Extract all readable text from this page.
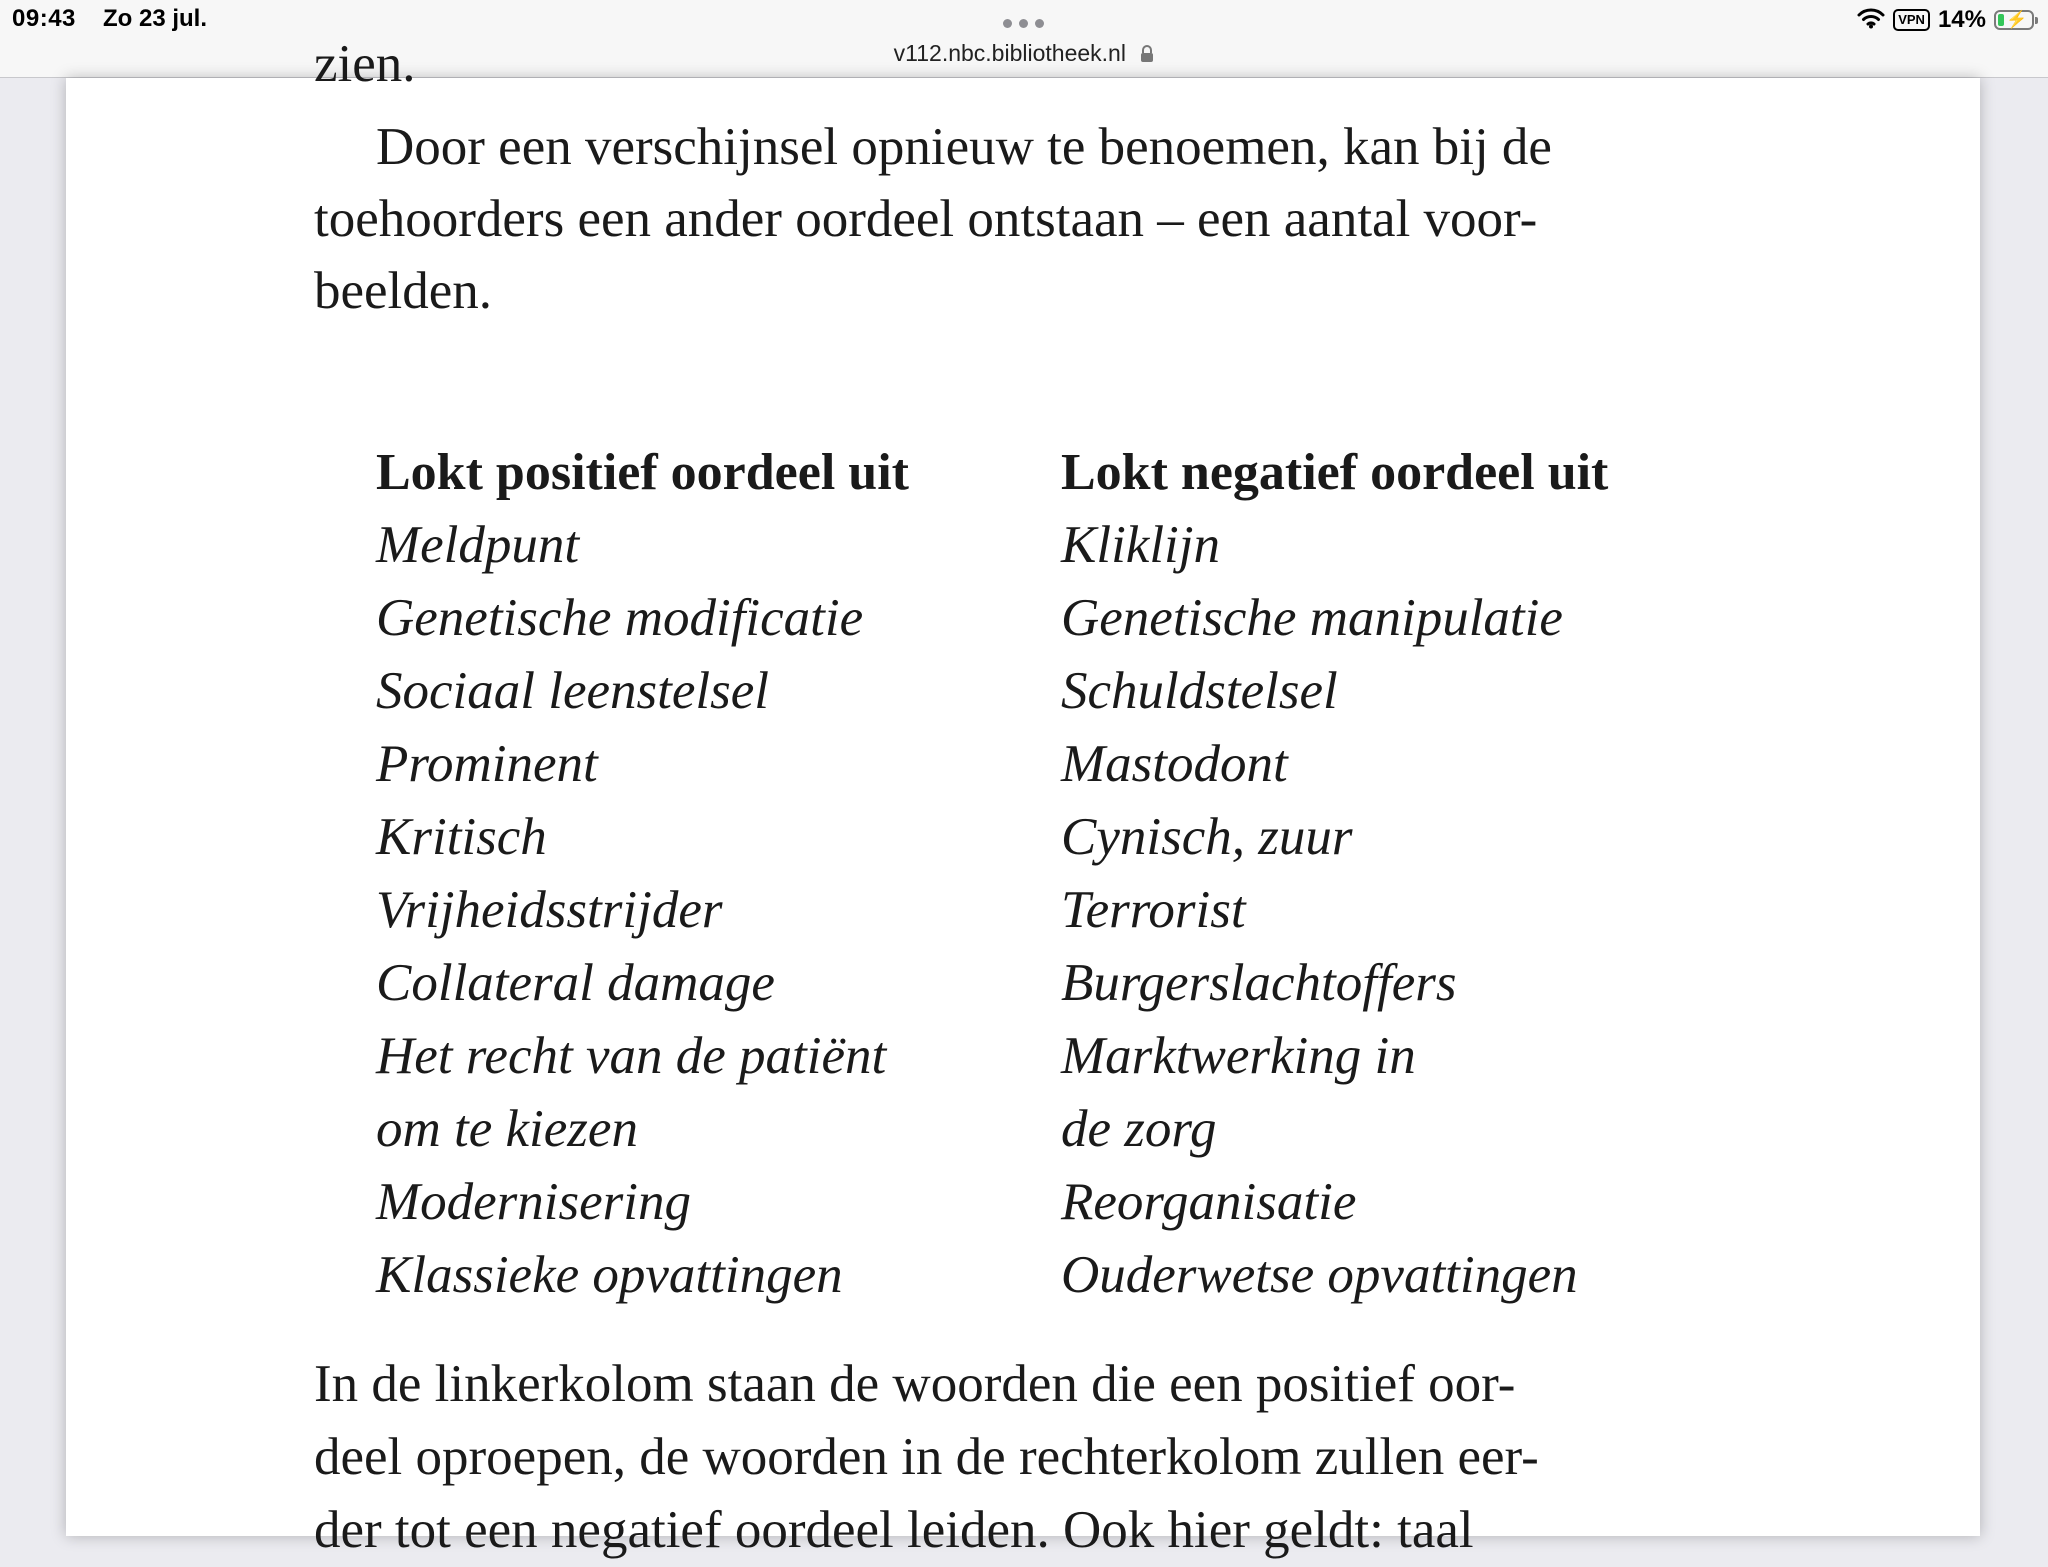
09:43 Zo 23 jul.
v112.nbc.bibliotheek.nl
VPN 14% ⚡
zien.
Door een verschijnsel opnieuw te benoemen, kan bij de
toehoorders een ander oordeel ontstaan – een aantal voor-
beelden.
Lokt positief oordeel uit	Lokt negatief oordeel uit
Meldpunt
Genetische modificatie
Sociaal leenstelsel
Prominent
Kritisch
Vrijheidsstrijder
Collateral damage
Het recht van de patiënt
om te kiezen
Modernisering
Klassieke opvattingen
Kliklijn
Genetische manipulatie
Schuldstelsel
Mastodont
Cynisch, zuur
Terrorist
Burgerslachtoffers
Marktwerking in
de zorg
Reorganisatie
Ouderwetse opvattingen
In de linkerkolom staan de woorden die een positief oor-
deel oproepen, de woorden in de rechterkolom zullen eer-
der tot een negatief oordeel leiden. Ook hier geldt: taal
